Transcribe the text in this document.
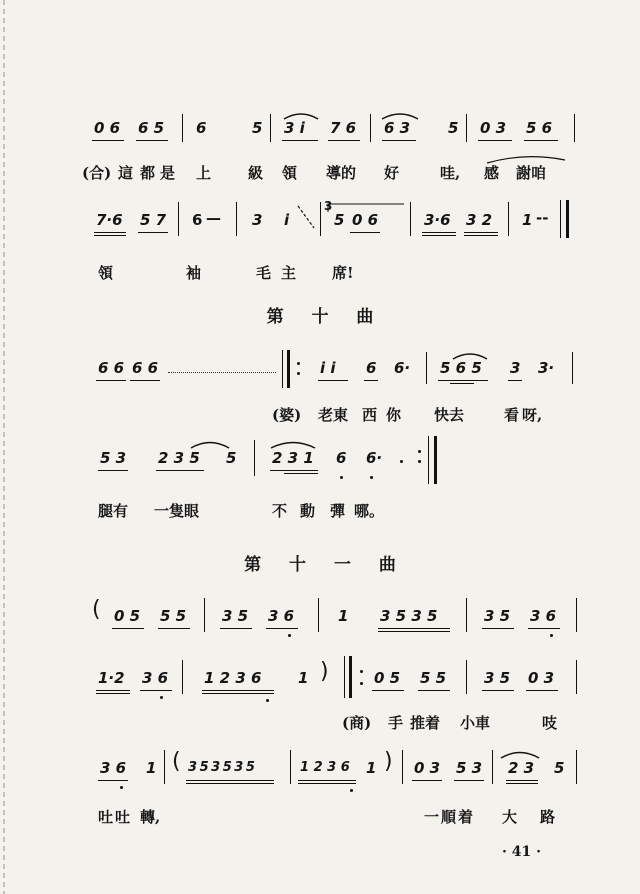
0 6 6 5 6	5 3 i 7 6 6 3	5 0 3 5 6
(合) 這 都 是 上 級 領 導的 好	哇, 感 謝咱
7·6 5 7 6 — 3 i
3
5 0 6	3·6 3 2 1 --
領	袖	毛主 席!
第 十 曲
6 6 6 6	i i 6 6· 5 6 5 3 3·
(婆) 老東 西 你 快去	看 呀,
5 3 2 3 5 5 2 3 1 6 6·
腿有 一隻眼	不 動 彈 哪。
第 十 一 曲
( 0 5 5 5 3 5 3 6	1 3 5 3 5	3 5 3 6
1·2 3 6 1 2 3 6 1 )	0 5 5 5	3 5 0 3
(商) 手 推着 小車	吱
3 6 1 ( 3 5 3 5 3 5	1 2 3 6 1 ) 0 3 5 3 2 3 5
吐吐 轉,	一順着 大 路
· 41 ·
